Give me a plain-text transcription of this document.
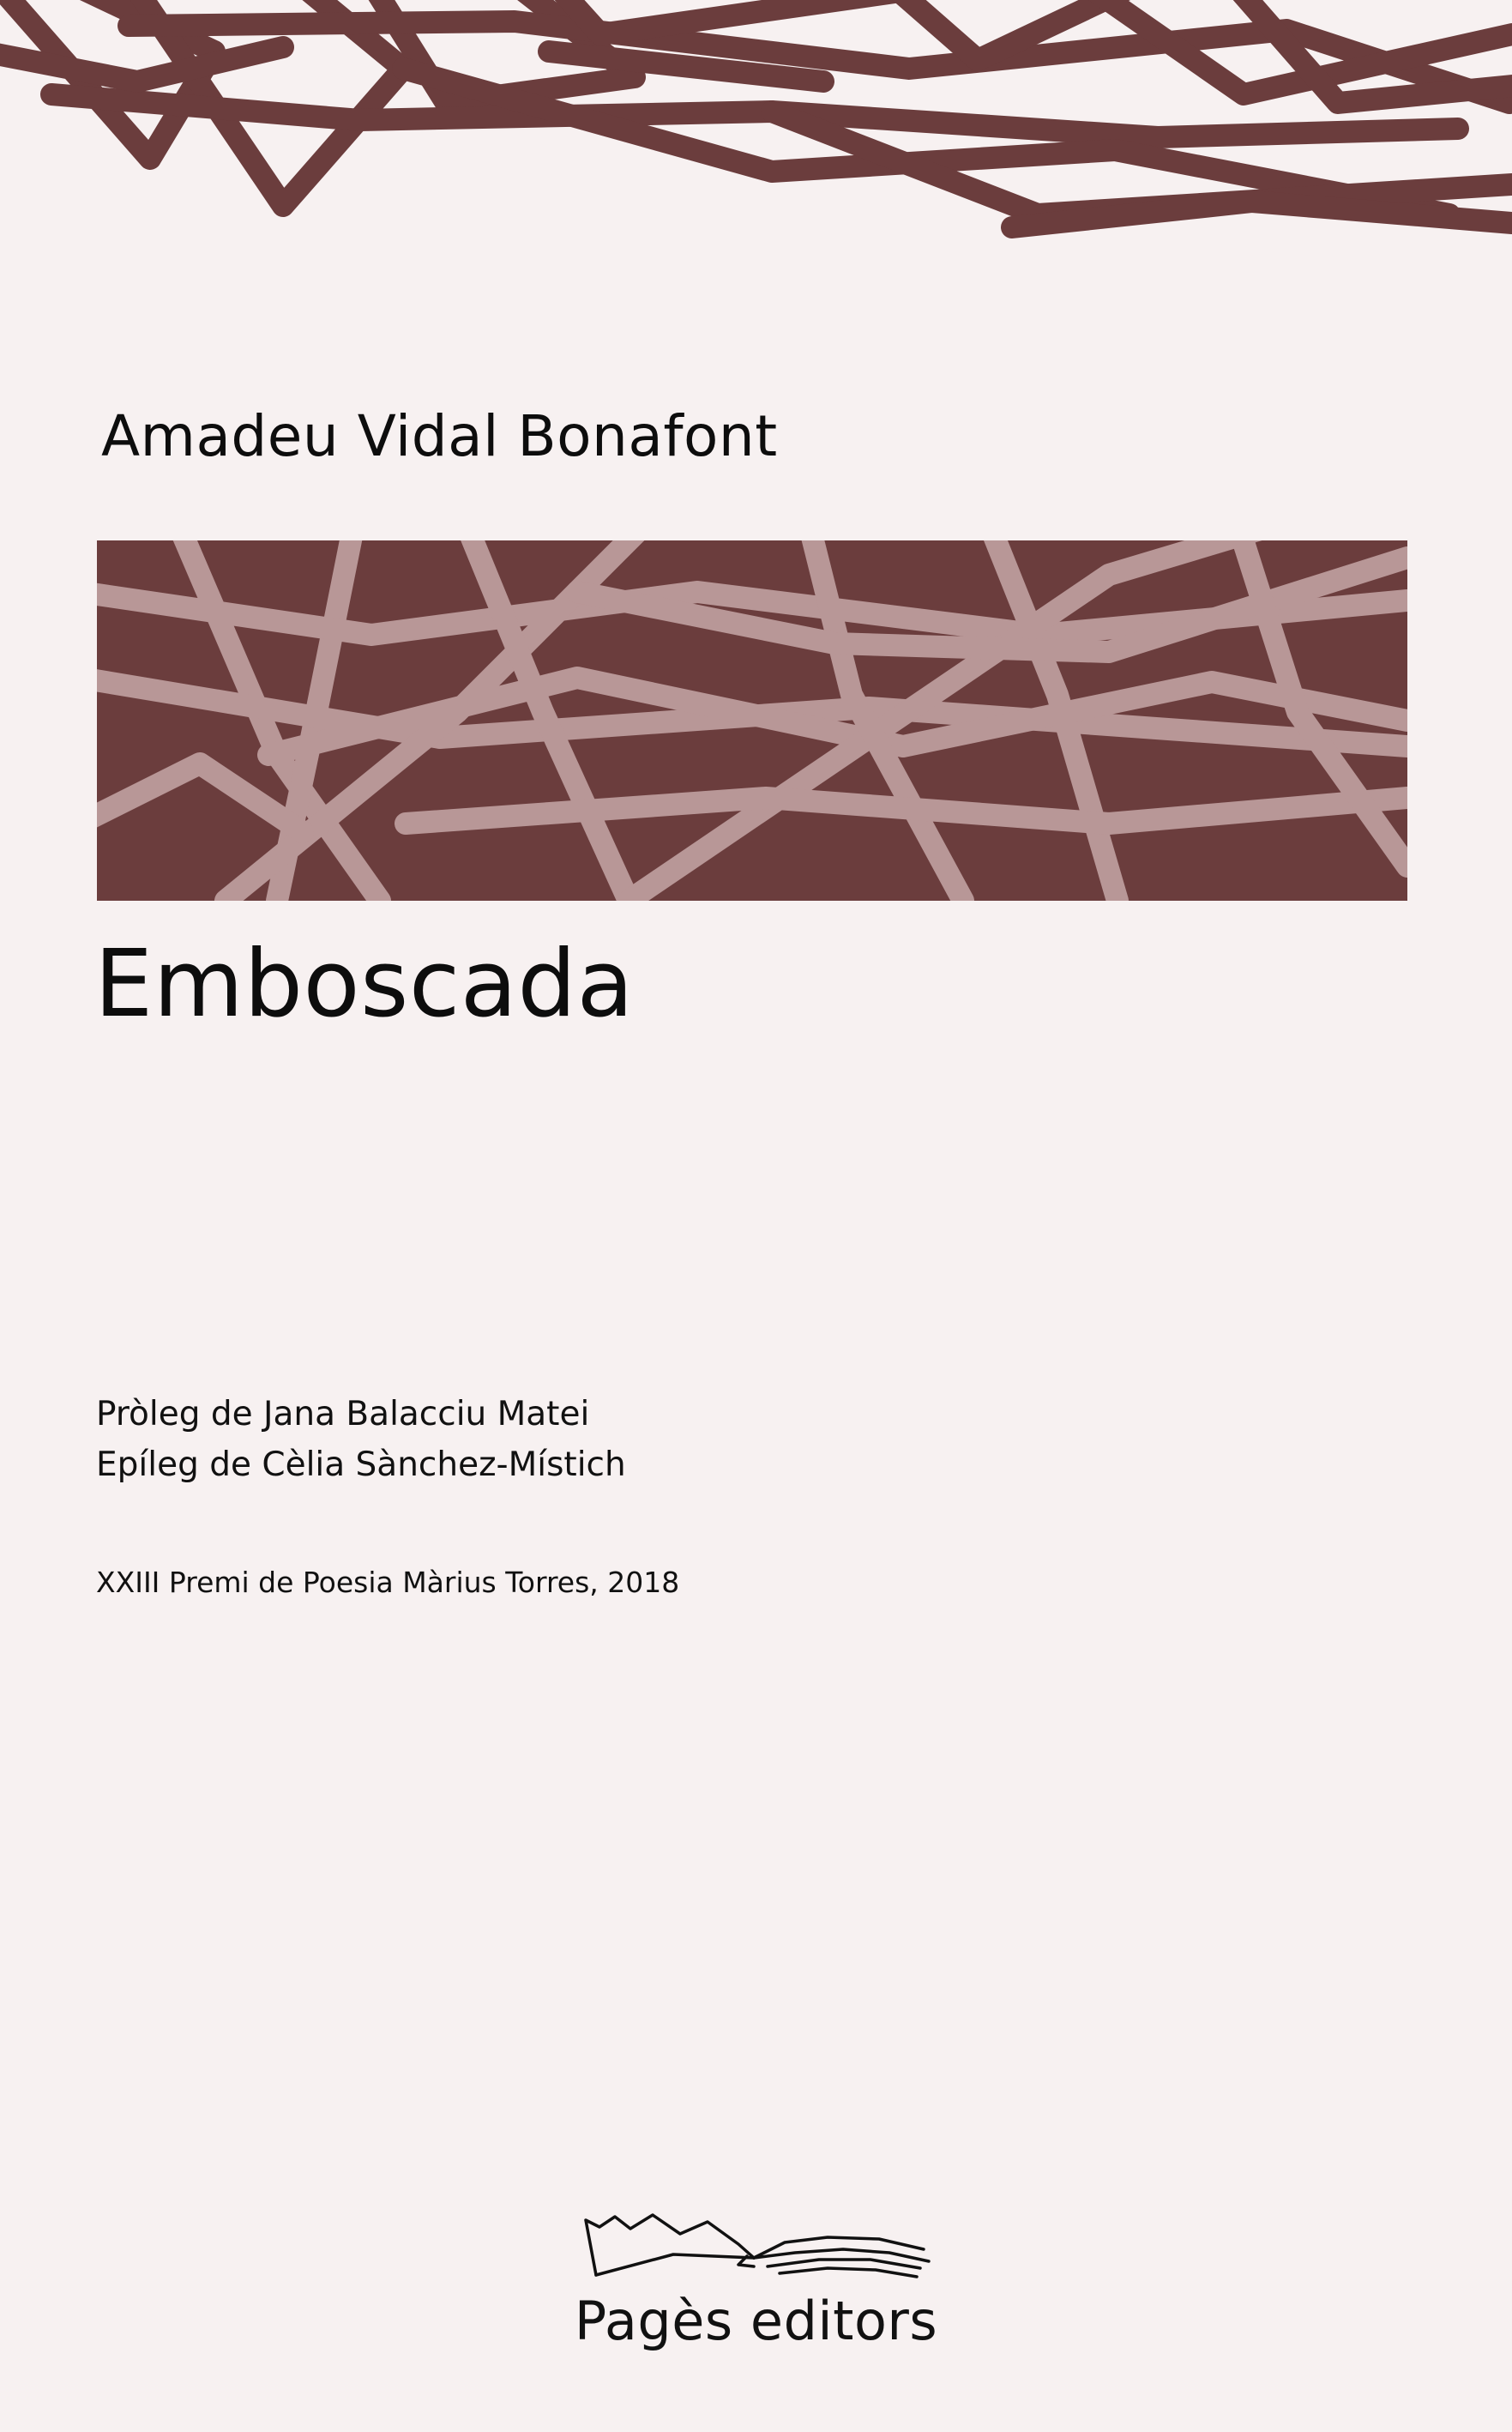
Amadeu Vidal Bonafont
Emboscada
Pròleg de Jana Balacciu Matei
Epíleg de Cèlia Sànchez-Místich
XXIII Premi de Poesia Màrius Torres, 2018
Pagès editors
